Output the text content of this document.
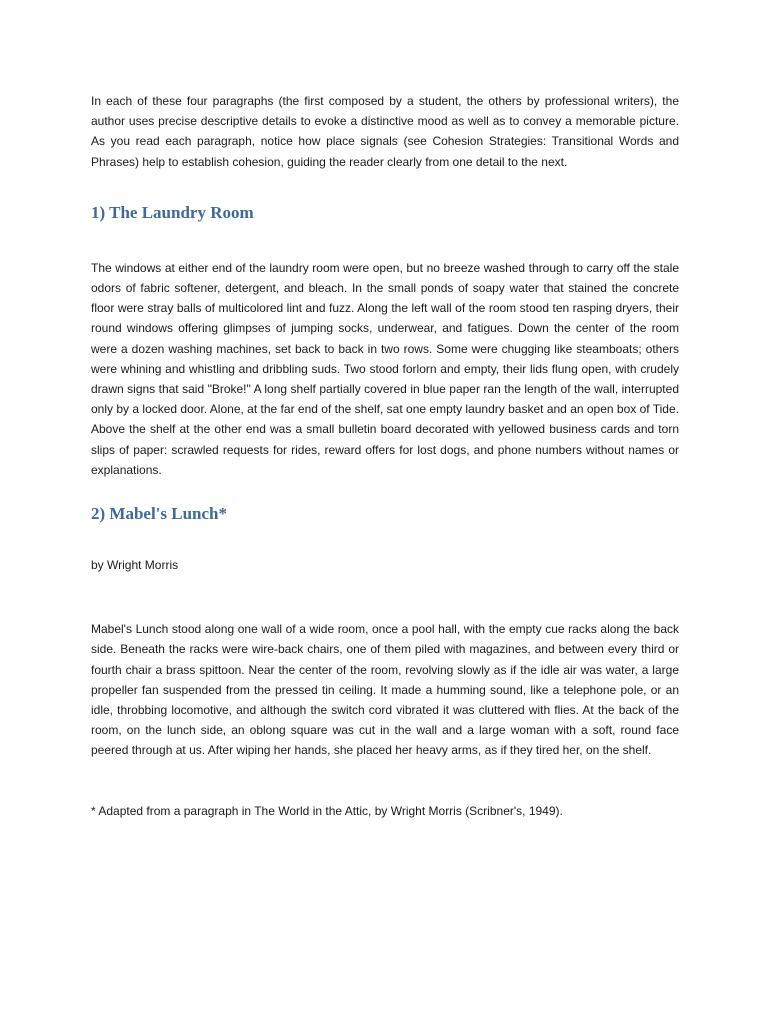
In each of these four paragraphs (the first composed by a student, the others by professional writers), the author uses precise descriptive details to evoke a distinctive mood as well as to convey a memorable picture. As you read each paragraph, notice how place signals (see Cohesion Strategies: Transitional Words and Phrases) help to establish cohesion, guiding the reader clearly from one detail to the next.

1) The Laundry Room

The windows at either end of the laundry room were open, but no breeze washed through to carry off the stale odors of fabric softener, detergent, and bleach. In the small ponds of soapy water that stained the concrete floor were stray balls of multicolored lint and fuzz. Along the left wall of the room stood ten rasping dryers, their round windows offering glimpses of jumping socks, underwear, and fatigues. Down the center of the room were a dozen washing machines, set back to back in two rows. Some were chugging like steamboats; others were whining and whistling and dribbling suds. Two stood forlorn and empty, their lids flung open, with crudely drawn signs that said "Broke!" A long shelf partially covered in blue paper ran the length of the wall, interrupted only by a locked door. Alone, at the far end of the shelf, sat one empty laundry basket and an open box of Tide. Above the shelf at the other end was a small bulletin board decorated with yellowed business cards and torn slips of paper: scrawled requests for rides, reward offers for lost dogs, and phone numbers without names or explanations.

2) Mabel's Lunch*

by Wright Morris

Mabel's Lunch stood along one wall of a wide room, once a pool hall, with the empty cue racks along the back side. Beneath the racks were wire-back chairs, one of them piled with magazines, and between every third or fourth chair a brass spittoon. Near the center of the room, revolving slowly as if the idle air was water, a large propeller fan suspended from the pressed tin ceiling. It made a humming sound, like a telephone pole, or an idle, throbbing locomotive, and although the switch cord vibrated it was cluttered with flies. At the back of the room, on the lunch side, an oblong square was cut in the wall and a large woman with a soft, round face peered through at us. After wiping her hands, she placed her heavy arms, as if they tired her, on the shelf.

* Adapted from a paragraph in The World in the Attic, by Wright Morris (Scribner's, 1949).
